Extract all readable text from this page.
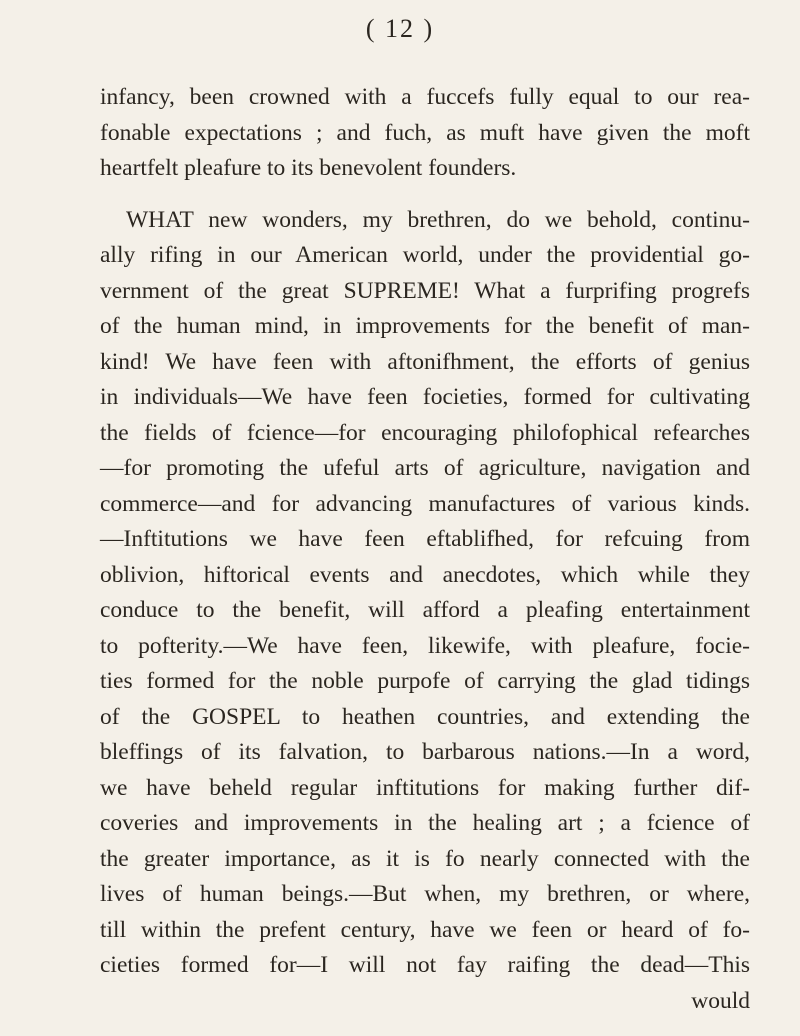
( 12 )
infancy, been crowned with a fuccefs fully equal to our rea-
fonable expectations ; and fuch, as muft have given the moft
heartfelt pleafure to its benevolent founders.
WHAT new wonders, my brethren, do we behold, continu-
ally rifing in our American world, under the providential go-
vernment of the great SUPREME! What a furprifing progrefs
of the human mind, in improvements for the benefit of man-
kind! We have feen with aftonifhment, the efforts of genius
in individuals—We have feen focieties, formed for cultivating
the fields of fcience—for encouraging philofophical refearches
—for promoting the ufeful arts of agriculture, navigation and
commerce—and for advancing manufactures of various kinds.
—Inftitutions we have feen eftablifhed, for refcuing from
oblivion, hiftorical events and anecdotes, which while they
conduce to the benefit, will afford a pleafing entertainment
to pofterity.—We have feen, likewife, with pleafure, focie-
ties formed for the noble purpofe of carrying the glad tidings
of the GOSPEL to heathen countries, and extending the
bleffings of its falvation, to barbarous nations.—In a word,
we have beheld regular inftitutions for making further dif-
coveries and improvements in the healing art ; a fcience of
the greater importance, as it is fo nearly connected with the
lives of human beings.—But when, my brethren, or where,
till within the prefent century, have we feen or heard of fo-
cieties formed for—I will not fay raifing the dead—This
would
